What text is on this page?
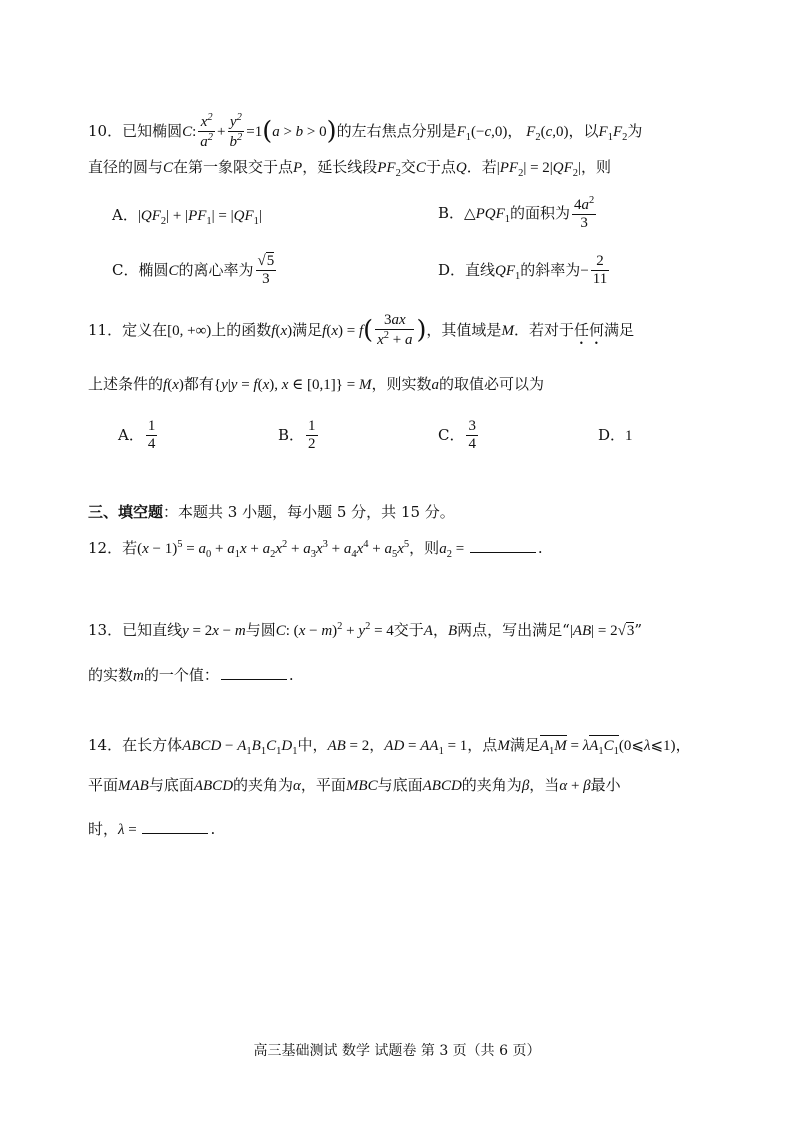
10．已知椭圆C: $\frac{x^2}{a^2} + \frac{y^2}{b^2} =1(a > b > 0)$的左右焦点分别是$F_1(-c,0)$， $F_2(c,0)$，以$F_1F_2$为
直径的圆与C在第一象限交于点P，延长线段$PF_2$交C于点Q．若$|PF_2| = 2|QF_2|$，则
A．$|QF_2| + |PF_1| = |QF_1|$	B．$\triangle PQF_1$的面积为 $\frac{4a^2}{3}$
C．椭圆C的离心率为 $\frac{√5}{3}$	D．直线$QF_1$的斜率为− $\frac{2}{11}$
11．定义在[0, +∞)上的函数f(x)满足$f(x) = f( \frac{3ax}{x^2 + a}$ )，其值域是M．若对于任何满足
上述条件的f(x)都有{y|y = f(x), x ∈ [0,1]} = M，则实数a的取值必可以为
A． $\frac{1}{4}$	B． $\frac{1}{2}$	C． $\frac{3}{4}$	D．1
三、填空题：本题共 3 小题，每小题 5 分，共 15 分。
12．若$(x - 1)^5 = a_0 + a_1x + a_2x^2 + a_3x^3 + a_4x^4 + a_5x^5$，则$a_2$ =	.
13．已知直线y = 2x − m与圆C: $(x - m)^2 + y^2 = 4$交于A，B两点，写出满足“|AB| = 2√3”
的实数m的一个值：	.
14．在长方体ABCD − $A_1B_1C_1D_1$中，AB = 2，AD = $AA_1 = 1$，点M满足$A_1M$ = $\lambda A_1C_1(0⩽\lambda⩽1)$，
平面MAB与底面ABCD的夹角为α，平面MBC与底面ABCD的夹角为β，当α + β最小
时，λ =	.
高三基础测试 数学 试题卷 第 3 页（共 6 页）
